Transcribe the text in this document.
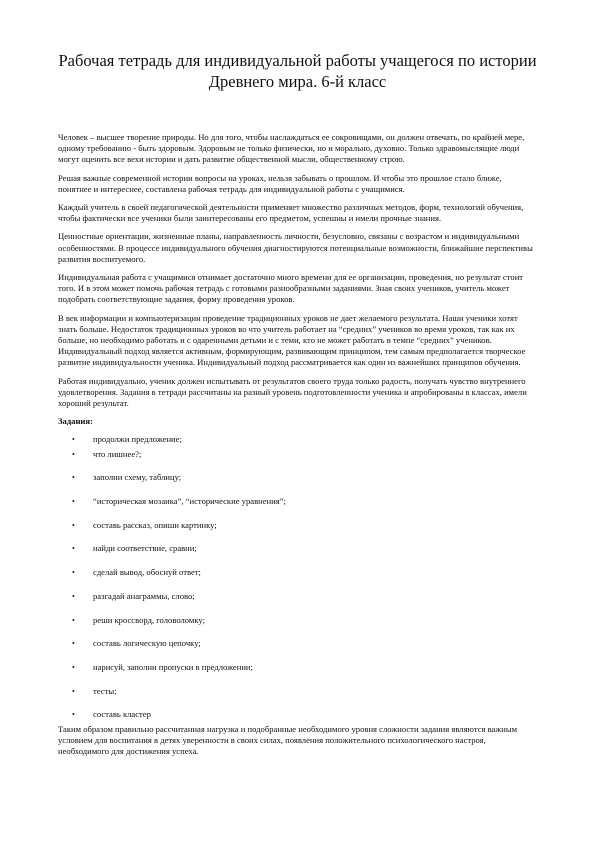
Рабочая тетрадь для индивидуальной работы учащегося по истории
Древнего мира. 6-й класс

Человек – высшее творение природы. Но для того, чтобы наслаждаться ее сокровищами, он должен отвечать, по крайней мере, одному требованию - быть здоровым. Здоровым не только физически, но и морально, духовно. Только здравомыслящие люди могут оценить все вехи истории и дать развитие общественной мысли, общественному строю.

Решая важные современной истории вопросы на уроках, нельзя забывать о прошлом. И чтобы это прошлое стало ближе, понятнее и интереснее, составлена рабочая тетрадь для индивидуальной работы с учащимися.

Каждый учитель в своей педагогической деятельности применяет множество различных методов, форм, технологий обучения, чтобы фактически все ученики были заинтересованы его предметом, успешны и имели прочные знания.

Ценностные ориентации, жизненные планы, направленность личности, безусловно, связаны с возрастом и индивидуальными особенностями. В процессе индивидуального обучения диагностируются потенциальные возможности, ближайшие перспективы развития воспитуемого.

Индивидуальная работа с учащимися отнимает достаточно много времени для ее организации, проведения, но результат стоит того. И в этом может помочь рабочая тетрадь с готовыми разнообразными заданиями. Зная своих учеников, учитель может подобрать соответствующие задания, форму проведения уроков.

В век информации и компьютеризации проведение традиционных уроков не дает желаемого результата. Наши ученики хотят знать больше. Недостаток традиционных уроков во что учитель работает на “средних” учеников во время уроков, так как их больше, но необходимо работать и с одаренными детьми и с теми, кто не может работать в темпе “средних” учеников. Индивидуальный подход является активным, формирующим, развивающим принципом, тем самым предполагается творческое развитие индивидуальности ученика. Индивидуальный подход рассматривается как один из важнейших принципов обучения.

Работая индивидуально, ученик должен испытывать от результатов своего труда только радость, получать чувство внутреннего удовлетворения. Задания в тетради рассчитаны на разный уровень подготовленности ученика и апробированы в классах, имели хороший результат.

Задания:

• продолжи предложение;
• что лишнее?;
• заполни схему, таблицу;
• “историческая мозаика”, “исторические уравнения”;
• составь рассказ, опиши картинку;
• найди соответствие, сравни;
• сделай вывод, обоснуй ответ;
• разгадай анаграммы, слово;
• реши кроссворд, головоломку;
• составь логическую цепочку;
• нарисуй, заполни пропуски в предложении;
• тесты;
• составь кластер

Таким образом правильно рассчитанная нагрузка и подобранные необходимого уровня сложности задания являются важным условием для воспитания в детях уверенности в своих силах, появления положительного психологического настроя, необходимого для достижения успеха.
